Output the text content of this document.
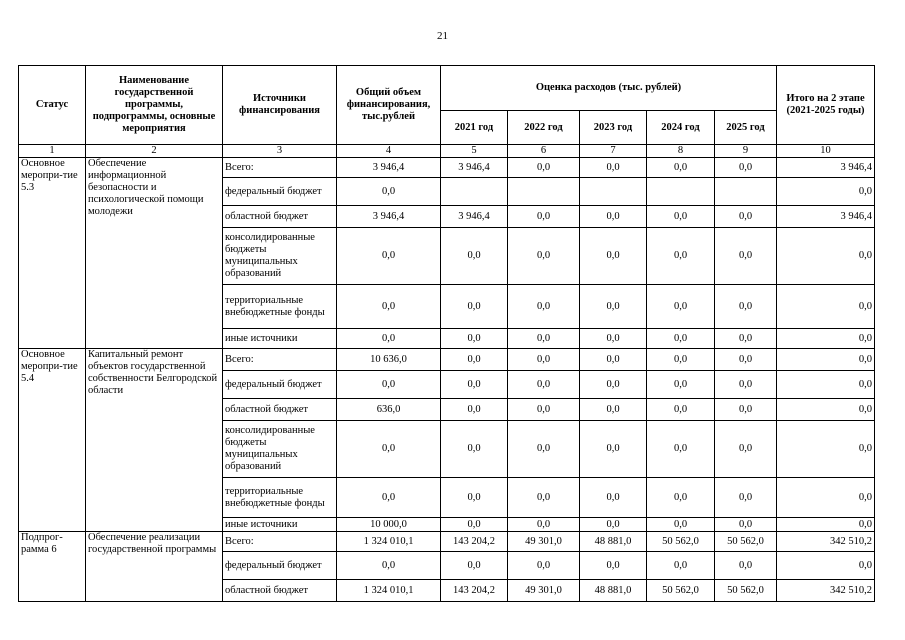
21
Статус	Наименование государственной программы, подпрограммы, основные мероприятия	Источники финансирования	Общий объем финансирования, тыс.рублей	Оценка расходов (тыс. рублей)					Итого на 2 этапе (2021-2025 годы)
				2021 год	2022 год	2023 год	2024 год	2025 год	
1	2	3	4	5	6	7	8	9	10
Основное меропри-тие 5.3	Обеспечение информационной безопасности и психологической помощи молодежи	Всего:	3 946,4	3 946,4	0,0	0,0	0,0	0,0	3 946,4
		федеральный бюджет	0,0						0,0
		областной бюджет	3 946,4	3 946,4	0,0	0,0	0,0	0,0	3 946,4
		консолидированные бюджеты муниципальных образований	0,0	0,0	0,0	0,0	0,0	0,0	0,0
		территориальные внебюджетные фонды	0,0	0,0	0,0	0,0	0,0	0,0	0,0
		иные источники	0,0	0,0	0,0	0,0	0,0	0,0	0,0
Основное меропри-тие 5.4	Капитальный ремонт объектов государственной собственности Белгородской области	Всего:	10 636,0	0,0	0,0	0,0	0,0	0,0	0,0
		федеральный бюджет	0,0	0,0	0,0	0,0	0,0	0,0	0,0
		областной бюджет	636,0	0,0	0,0	0,0	0,0	0,0	0,0
		консолидированные бюджеты муниципальных образований	0,0	0,0	0,0	0,0	0,0	0,0	0,0
		территориальные внебюджетные фонды	0,0	0,0	0,0	0,0	0,0	0,0	0,0
		иные источники	10 000,0	0,0	0,0	0,0	0,0	0,0	0,0
Подпрог-рамма 6	Обеспечение реализации государственной программы	Всего:	1 324 010,1	143 204,2	49 301,0	48 881,0	50 562,0	50 562,0	342 510,2
		федеральный бюджет	0,0	0,0	0,0	0,0	0,0	0,0	0,0
		областной бюджет	1 324 010,1	143 204,2	49 301,0	48 881,0	50 562,0	50 562,0	342 510,2
